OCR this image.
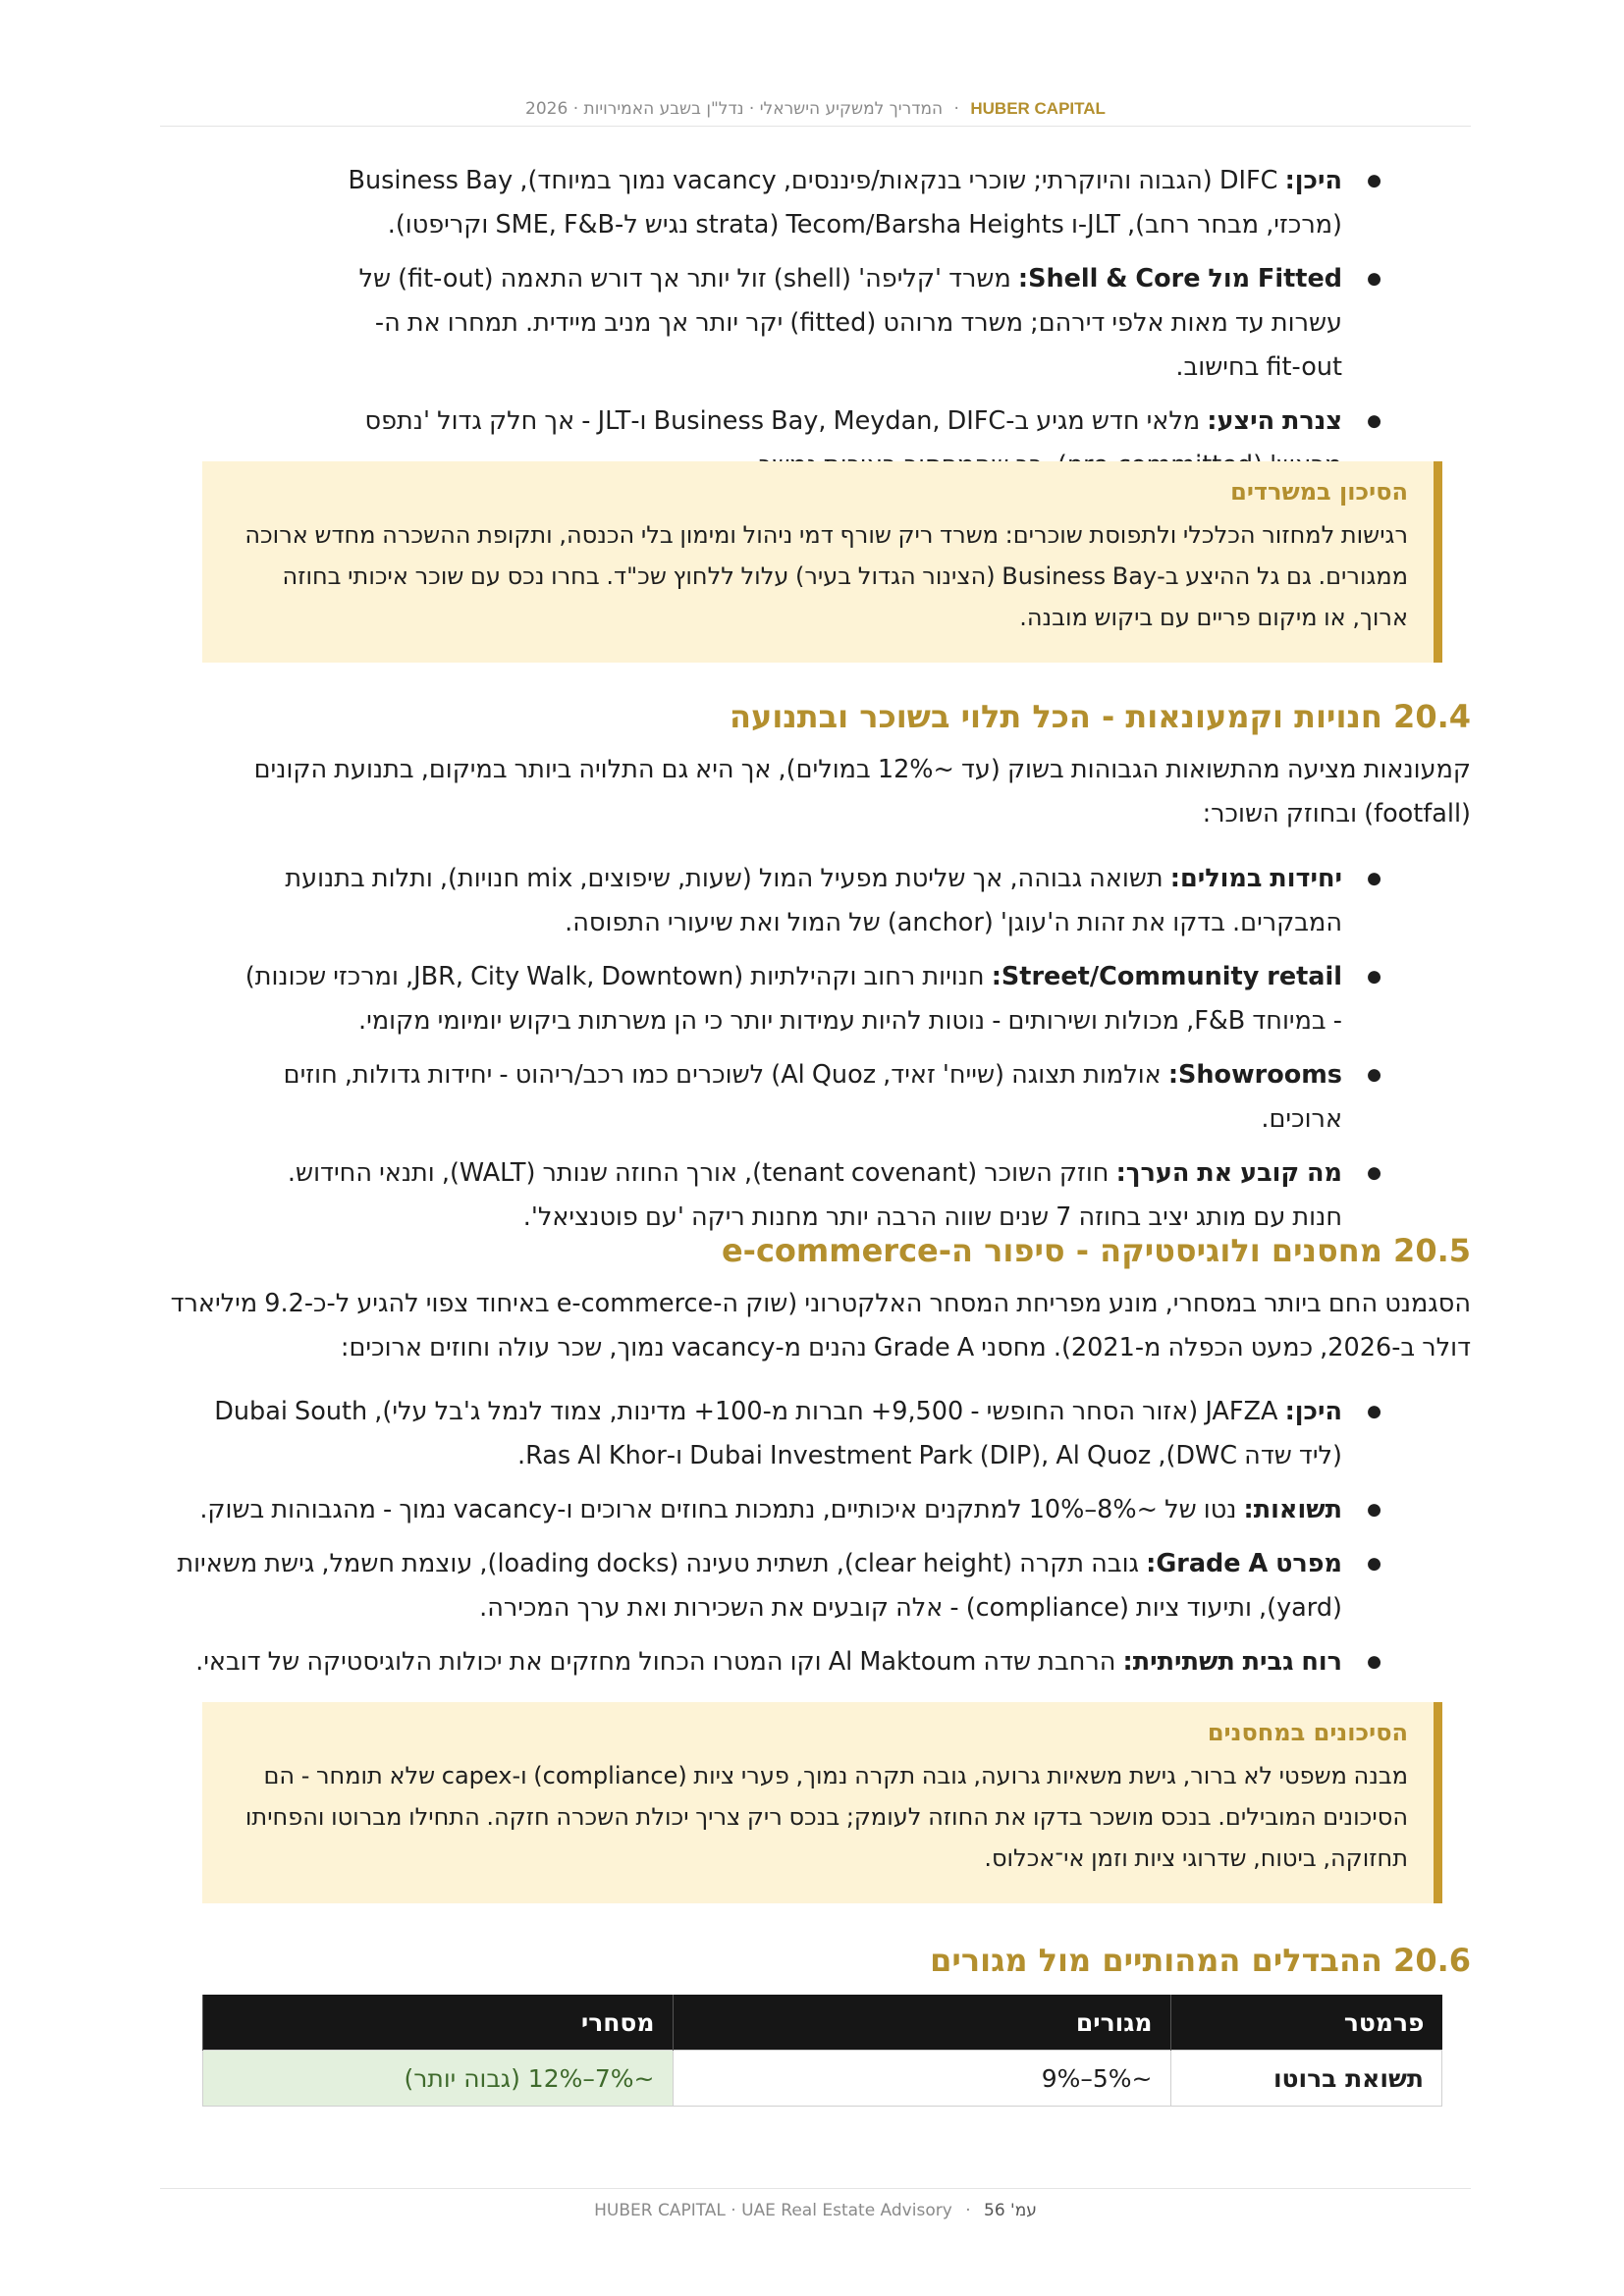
HUBER CAPITAL · המדריך למשקיע הישראלי · נדל"ן בשבע האמירויות · 2026
● היכן: DIFC (הגבוה והיוקרתי; שוכרי בנקאות/פיננסים, vacancy נמוך במיוחד), Business Bay (מרכזי, מבחר רחב), JLT-ו Tecom/Barsha Heights (strata נגיש ל-SME, F&B וקריפטו).
● Fitted מול Shell & Core: משרד 'קליפה' (shell) זול יותר אך דורש התאמה (fit-out) של עשרות עד מאות אלפי דירהם; משרד מרוהט (fitted) יקר יותר אך מניב מיידית. תמחרו את ה-fit-out בחישוב.
● צנרת היצע: מלאי חדש מגיע ב-Business Bay, Meydan, DIFC ו-JLT - אך חלק גדול 'נתפס
הסיכון במשרדים
רגישות למחזור הכלכלי ולתפוסת שוכרים: משרד ריק שורף דמי ניהול ומימון בלי הכנסה, ותקופת ההשכרה מחדש ארוכה ממגורים. גם גל ההיצע ב-Business Bay (הצינור הגדול בעיר) עלול ללחוץ שכ"ד. בחרו נכס עם שוכר איכותי בחוזה ארוך, או מיקום פריים עם ביקוש מובנה.
20.4 חנויות וקמעונאות - הכל תלוי בשוכר ובתנועה
קמעונאות מציעה מהתשואות הגבוהות בשוק (עד ~12% במולים), אך היא גם התלויה ביותר במיקום, בתנועת הקונים (footfall) ובחוזק השוכר:
● יחידות במולים: תשואה גבוהה, אך שליטת מפעיל המול (שעות, שיפוצים, mix חנויות), ותלות בתנועת המבקרים. בדקו את זהות ה'עוגן' (anchor) של המול ואת שיעורי התפוסה.
● Street/Community retail: חנויות רחוב וקהילתיות (JBR, City Walk, Downtown, ומרכזי שכונות) - במיוחד F&B, מכולות ושירותים - נוטות להיות עמידות יותר כי הן משרתות ביקוש יומיומי מקומי.
● Showrooms: אולמות תצוגה (שייח' זאיד, Al Quoz) לשוכרים כמו רכב/ריהוט - יחידות גדולות, חוזים ארוכים.
● מה קובע את הערך: חוזק השוכר (tenant covenant), אורך החוזה שנותר (WALT), ותנאי החידוש. חנות עם מותג יציב בחוזה 7 שנים שווה הרבה יותר מחנות ריקה 'עם פוטנציאל'.
20.5 מחסנים ולוגיסטיקה - סיפור ה-e-commerce
הסגמנט החם ביותר במסחרי, מונע מפריחת המסחר האלקטרוני (שוק ה-e-commerce באיחוד צפוי להגיע ל-כ-9.2 מיליארד דולר ב-2026, כמעט הכפלה מ-2021). מחסני Grade A נהנים מ-vacancy נמוך, שכר עולה וחוזים ארוכים:
● היכן: JAFZA (אזור הסחר החופשי - 9,500+ חברות מ-100+ מדינות, צמוד לנמל ג'בל עלי), Dubai South (ליד שדה DWC), Dubai Investment Park (DIP), Al Quoz ו-Ras Al Khor.
● תשואות: נטו של ~8%–10% למתקנים איכותיים, נתמכות בחוזים ארוכים ו-vacancy נמוך - מהגבוהות בשוק.
● מפרט Grade A: גובה תקרה (clear height), תשתית טעינה (loading docks), עוצמת חשמל, גישת משאיות (yard), ותיעוד ציות (compliance) - אלה קובעים את השכירות ואת ערך המכירה.
● רוח גבית תשתיתית: הרחבת שדה Al Maktoum וקו המטרו הכחול מחזקים את יכולות הלוגיסטיקה של דובאי.
הסיכונים במחסנים
מבנה משפטי לא ברור, גישת משאיות גרועה, גובה תקרה נמוך, פערי ציות (compliance) ו-capex שלא תומחר - הם הסיכונים המובילים. בנכס מושכר בדקו את החוזה לעומק; בנכס ריק צריך יכולת השכרה חזקה. התחילו מברוטו והפחיתו תחזוקה, ביטוח, שדרוגי ציות וזמן אי־אכלוס.
20.6 ההבדלים המהותיים מול מגורים
פרמטר	מגורים	מסחרי
תשואת ברוטו	~5%–9%	~7%–12% (גבוה יותר)
עמ' 56 · HUBER CAPITAL · UAE Real Estate Advisory
